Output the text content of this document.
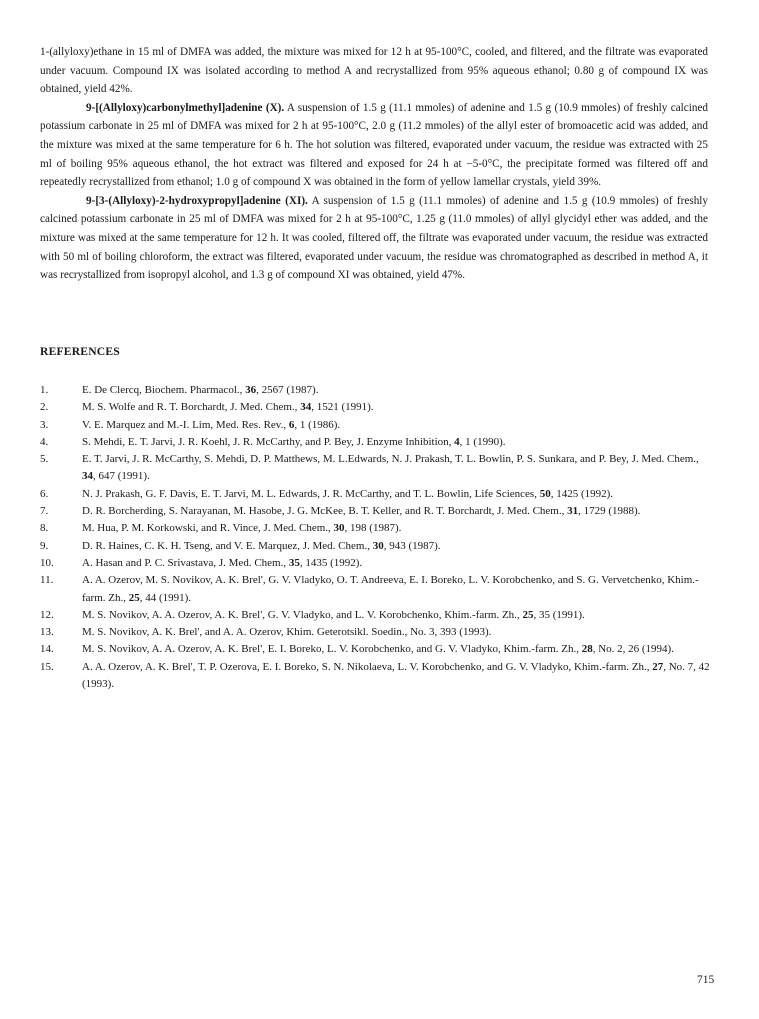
1-(allyloxy)ethane in 15 ml of DMFA was added, the mixture was mixed for 12 h at 95-100°C, cooled, and filtered, and the filtrate was evaporated under vacuum. Compound IX was isolated according to method A and recrystallized from 95% aqueous ethanol; 0.80 g of compound IX was obtained, yield 42%.

9-[(Allyloxy)carbonylmethyl]adenine (X). A suspension of 1.5 g (11.1 mmoles) of adenine and 1.5 g (10.9 mmoles) of freshly calcined potassium carbonate in 25 ml of DMFA was mixed for 2 h at 95-100°C, 2.0 g (11.2 mmoles) of the allyl ester of bromoacetic acid was added, and the mixture was mixed at the same temperature for 6 h. The hot solution was filtered, evaporated under vacuum, the residue was extracted with 25 ml of boiling 95% aqueous ethanol, the hot extract was filtered and exposed for 24 h at −5-0°C, the precipitate formed was filtered off and repeatedly recrystallized from ethanol; 1.0 g of compound X was obtained in the form of yellow lamellar crystals, yield 39%.

9-[3-(Allyloxy)-2-hydroxypropyl]adenine (XI). A suspension of 1.5 g (11.1 mmoles) of adenine and 1.5 g (10.9 mmoles) of freshly calcined potassium carbonate in 25 ml of DMFA was mixed for 2 h at 95-100°C, 1.25 g (11.0 mmoles) of allyl glycidyl ether was added, and the mixture was mixed at the same temperature for 12 h. It was cooled, filtered off, the filtrate was evaporated under vacuum, the residue was extracted with 50 ml of boiling chloroform, the extract was filtered, evaporated under vacuum, the residue was chromatographed as described in method A, it was recrystallized from isopropyl alcohol, and 1.3 g of compound XI was obtained, yield 47%.

REFERENCES
1.	E. De Clercq, Biochem. Pharmacol., 36, 2567 (1987).
2.	M. S. Wolfe and R. T. Borchardt, J. Med. Chem., 34, 1521 (1991).
3.	V. E. Marquez and M.-I. Lim, Med. Res. Rev., 6, 1 (1986).
4.	S. Mehdi, E. T. Jarvi, J. R. Koehl, J. R. McCarthy, and P. Bey, J. Enzyme Inhibition, 4, 1 (1990).
5.	E. T. Jarvi, J. R. McCarthy, S. Mehdi, D. P. Matthews, M. L.Edwards, N. J. Prakash, T. L. Bowlin, P. S. Sunkara, and P. Bey, J. Med. Chem., 34, 647 (1991).
6.	N. J. Prakash, G. F. Davis, E. T. Jarvi, M. L. Edwards, J. R. McCarthy, and T. L. Bowlin, Life Sciences, 50, 1425 (1992).
7.	D. R. Borcherding, S. Narayanan, M. Hasobe, J. G. McKee, B. T. Keller, and R. T. Borchardt, J. Med. Chem., 31, 1729 (1988).
8.	M. Hua, P. M. Korkowski, and R. Vince, J. Med. Chem., 30, 198 (1987).
9.	D. R. Haines, C. K. H. Tseng, and V. E. Marquez, J. Med. Chem., 30, 943 (1987).
10.	A. Hasan and P. C. Srivastava, J. Med. Chem., 35, 1435 (1992).
11.	A. A. Ozerov, M. S. Novikov, A. K. Brel', G. V. Vladyko, O. T. Andreeva, E. I. Boreko, L. V. Korobchenko, and S. G. Vervetchenko, Khim.-farm. Zh., 25, 44 (1991).
12.	M. S. Novikov, A. A. Ozerov, A. K. Brel', G. V. Vladyko, and L. V. Korobchenko, Khim.-farm. Zh., 25, 35 (1991).
13.	M. S. Novikov, A. K. Brel', and A. A. Ozerov, Khim. Geterotsikl. Soedin., No. 3, 393 (1993).
14.	M. S. Novikov, A. A. Ozerov, A. K. Brel', E. I. Boreko, L. V. Korobchenko, and G. V. Vladyko, Khim.-farm. Zh., 28, No. 2, 26 (1994).
15.	A. A. Ozerov, A. K. Brel', T. P. Ozerova, E. I. Boreko, S. N. Nikolaeva, L. V. Korobchenko, and G. V. Vladyko, Khim.-farm. Zh., 27, No. 7, 42 (1993).

715
